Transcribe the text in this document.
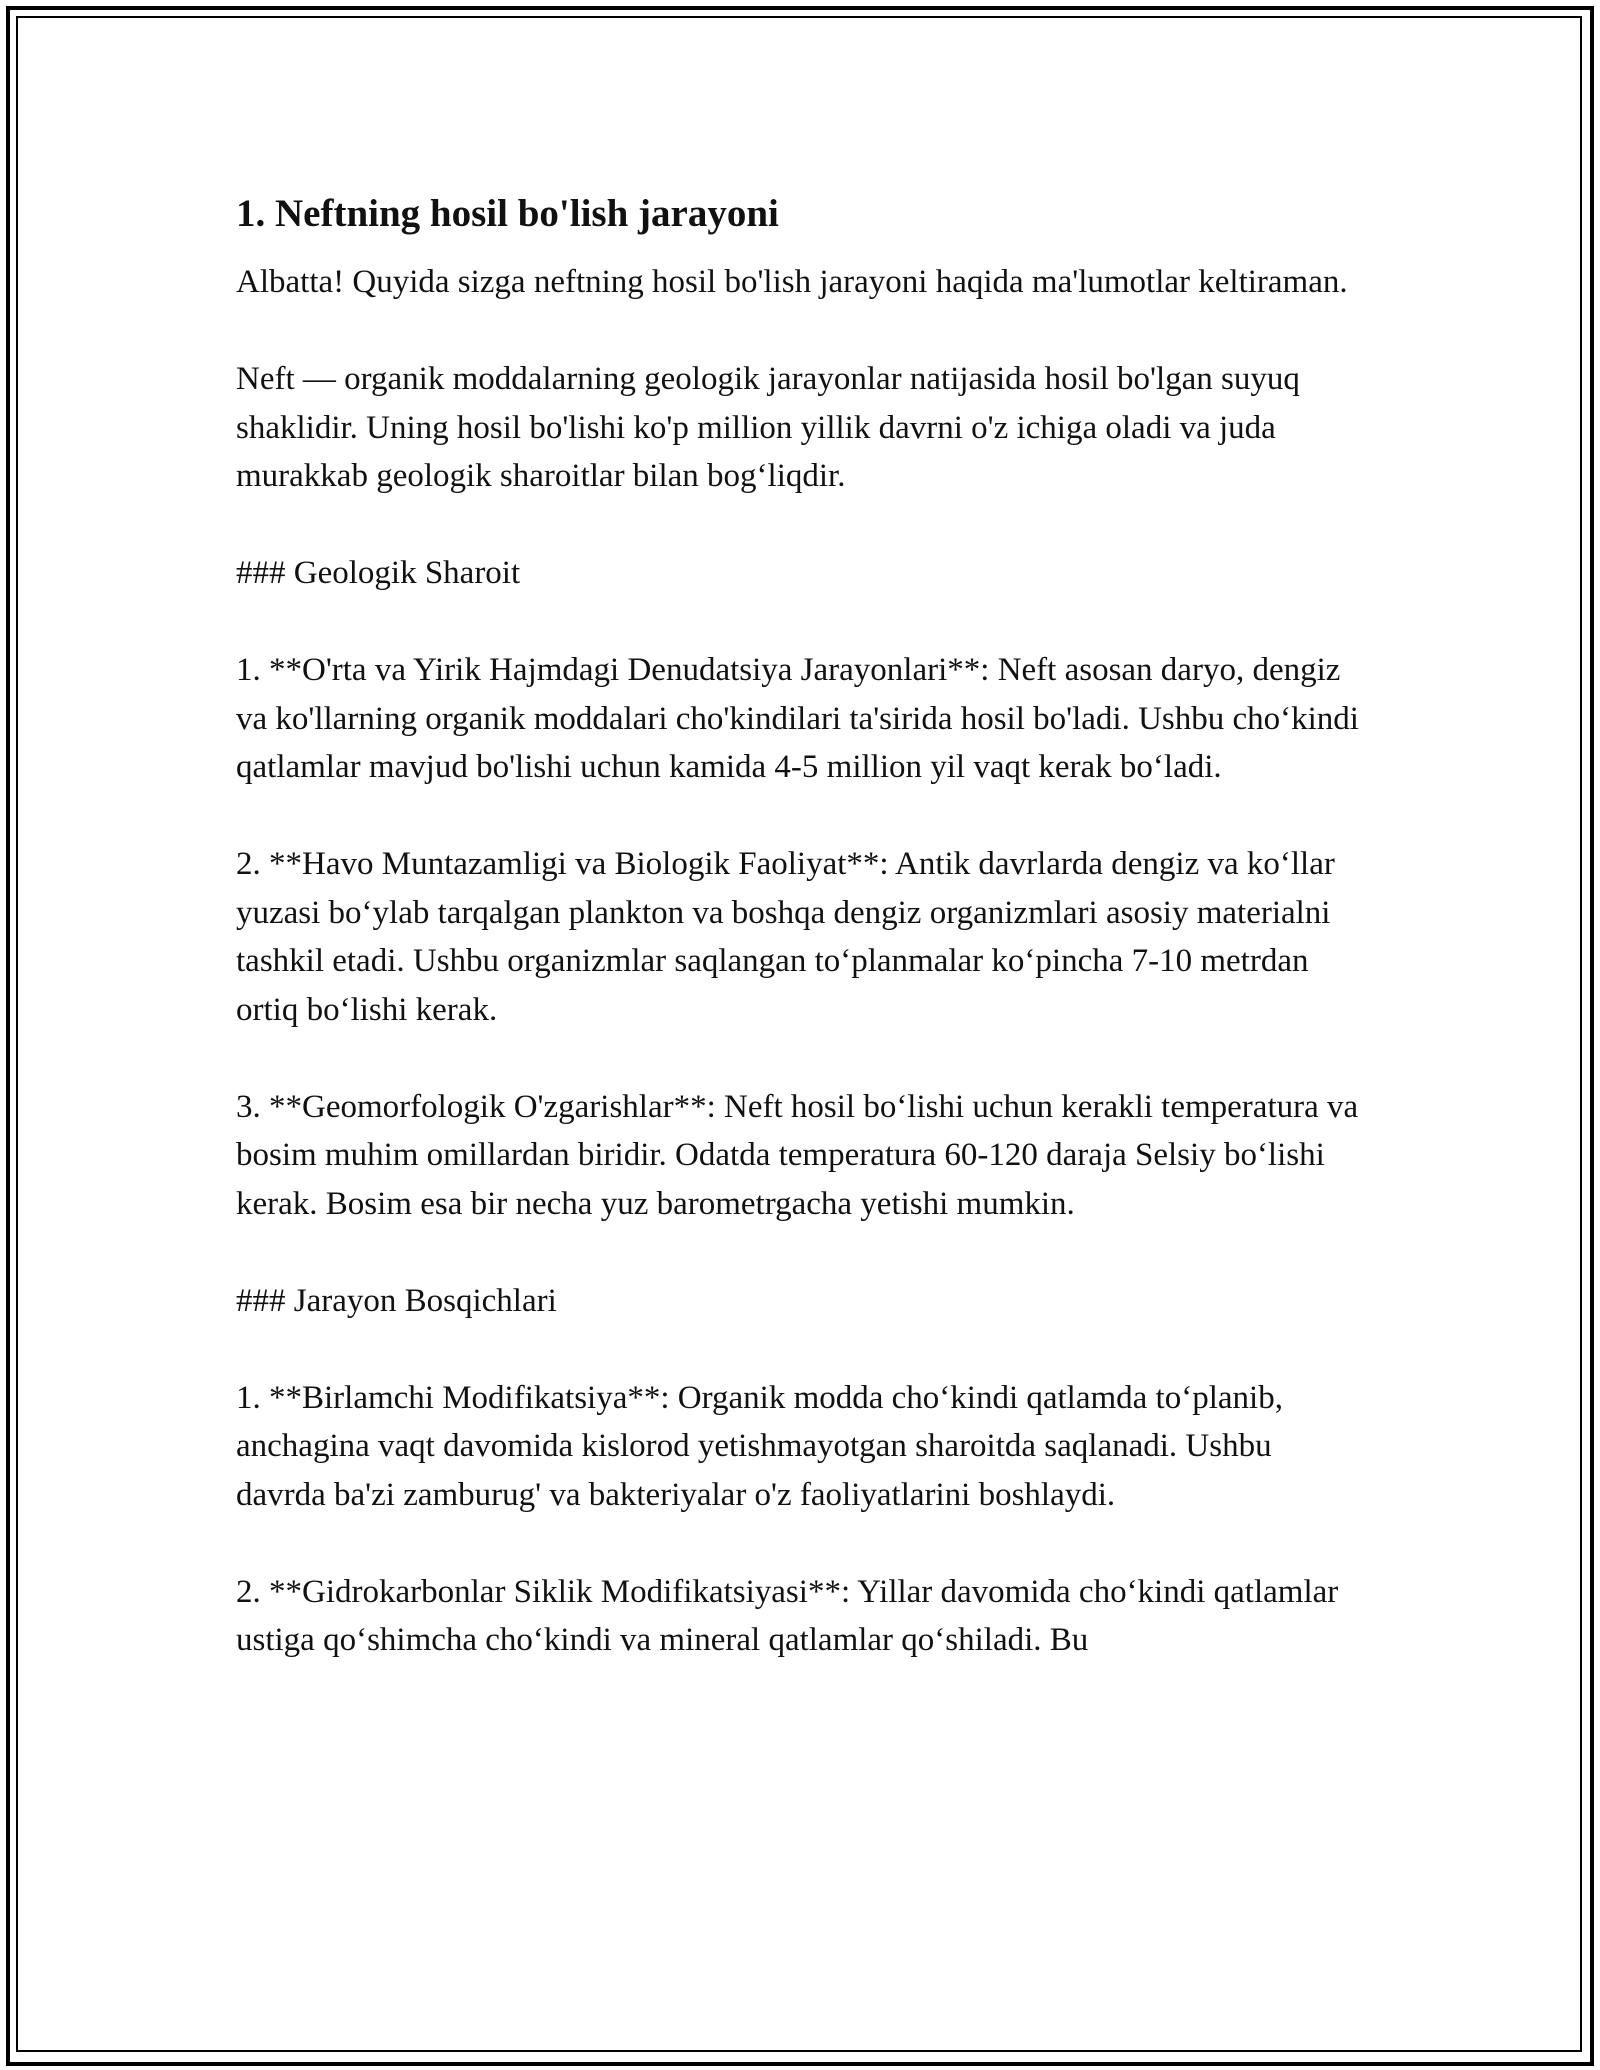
1. Neftning hosil bo'lish jarayoni

Albatta! Quyida sizga neftning hosil bo'lish jarayoni haqida ma'lumotlar keltiraman.

Neft — organik moddalarning geologik jarayonlar natijasida hosil bo'lgan suyuq shaklidir. Uning hosil bo'lishi ko'p million yillik davrni o'z ichiga oladi va juda murakkab geologik sharoitlar bilan bog‘liqdir.

### Geologik Sharoit

1. **O'rta va Yirik Hajmdagi Denudatsiya Jarayonlari**: Neft asosan daryo, dengiz va ko'llarning organik moddalari cho'kindilari ta'sirida hosil bo'ladi. Ushbu cho‘kindi qatlamlar mavjud bo'lishi uchun kamida 4-5 million yil vaqt kerak bo‘ladi.

2. **Havo Muntazamligi va Biologik Faoliyat**: Antik davrlarda dengiz va ko‘llar yuzasi bo‘ylab tarqalgan plankton va boshqa dengiz organizmlari asosiy materialni tashkil etadi. Ushbu organizmlar saqlangan to‘planmalar ko‘pincha 7-10 metrdan ortiq bo‘lishi kerak.

3. **Geomorfologik O'zgarishlar**: Neft hosil bo‘lishi uchun kerakli temperatura va bosim muhim omillardan biridir. Odatda temperatura 60-120 daraja Selsiy bo‘lishi kerak. Bosim esa bir necha yuz barometrgacha yetishi mumkin.

### Jarayon Bosqichlari

1. **Birlamchi Modifikatsiya**: Organik modda cho‘kindi qatlamda to‘planib, anchagina vaqt davomida kislorod yetishmayotgan sharoitda saqlanadi. Ushbu davrda ba'zi zamburug' va bakteriyalar o'z faoliyatlarini boshlaydi.

2. **Gidrokarbonlar Siklik Modifikatsiyasi**: Yillar davomida cho‘kindi qatlamlar ustiga qo‘shimcha cho‘kindi va mineral qatlamlar qo‘shiladi. Bu
